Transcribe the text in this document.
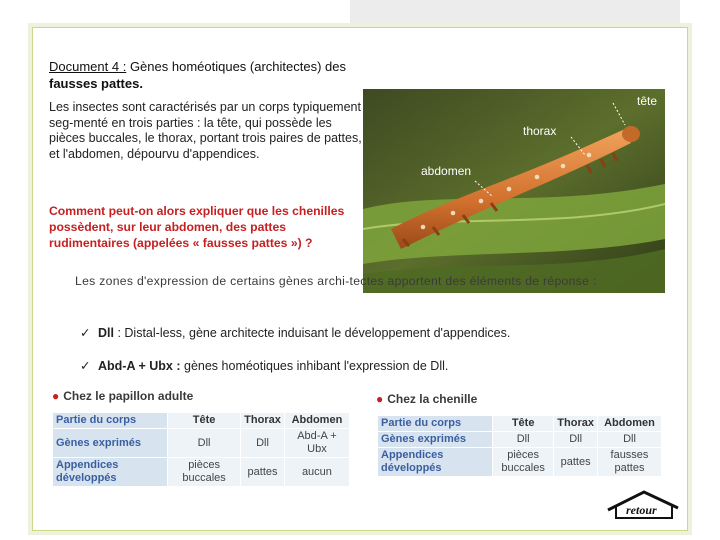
Document 4 : Gènes homéotiques (architectes) des
fausses pattes.
Les insectes sont caractérisés par un corps typiquement seg-menté en trois parties : la tête, qui possède les pièces buccales, le thorax, portant trois paires de pattes, et l'abdomen, dépourvu d'appendices.
tête
thorax
abdomen
Comment peut-on alors expliquer que les chenilles possèdent, sur leur abdomen, des pattes rudimentaires (appelées « fausses pattes ») ?
Les zones d'expression de certains gènes archi-tectes apportent des éléments de réponse :
✓ Dll : Distal-less, gène architecte induisant le développement d'appendices.
✓ Abd-A + Ubx : gènes homéotiques inhibant l'expression de Dll.
● Chez le papillon adulte
Partie du corps	Tête	Thorax	Abdomen
Gènes exprimés	Dll	Dll	Abd-A + Ubx
Appendices développés	pièces buccales	pattes	aucun
● Chez la chenille
Partie du corps	Tête	Thorax	Abdomen
Gènes exprimés	Dll	Dll	Dll
Appendices développés	pièces buccales	pattes	fausses pattes
retour
